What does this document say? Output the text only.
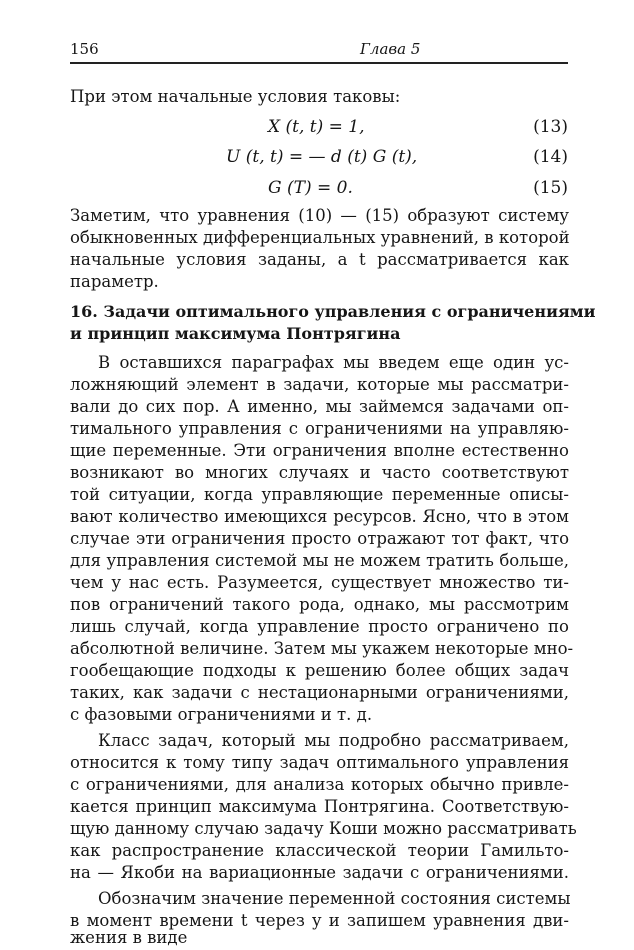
156	Глава 5
При этом начальные условия таковы:
X (t, t) = 1,	(13)
U (t, t) = — d (t) G (t),	(14)
G (T) = 0.	(15)
Заметим, что уравнения (10) — (15) образуют систему
обыкновенных дифференциальных уравнений, в которой
начальные условия заданы, а t рассматривается как
параметр.
16. Задачи оптимального управления с ограничениями
и принцип максимума Понтрягина
В оставшихся параграфах мы введем еще один ус-
ложняющий элемент в задачи, которые мы рассматри-
вали до сих пор. А именно, мы займемся задачами оп-
тимального управления с ограничениями на управляю-
щие переменные. Эти ограничения вполне естественно
возникают во многих случаях и часто соответствуют
той ситуации, когда управляющие переменные описы-
вают количество имеющихся ресурсов. Ясно, что в этом
случае эти ограничения просто отражают тот факт, что
для управления системой мы не можем тратить больше,
чем у нас есть. Разумеется, существует множество ти-
пов ограничений такого рода, однако, мы рассмотрим
лишь случай, когда управление просто ограничено по
абсолютной величине. Затем мы укажем некоторые мно-
гообещающие подходы к решению более общих задач
таких, как задачи с нестационарными ограничениями,
с фазовыми ограничениями и т. д.
Класс задач, который мы подробно рассматриваем,
относится к тому типу задач оптимального управления
с ограничениями, для анализа которых обычно привле-
кается принцип максимума Понтрягина. Соответствую-
щую данному случаю задачу Коши можно рассматривать
как распространение классической теории Гамильто-
на — Якоби на вариационные задачи с ограничениями.
Обозначим значение переменной состояния системы
в момент времени t через y и запишем уравнения дви-
жения в виде
